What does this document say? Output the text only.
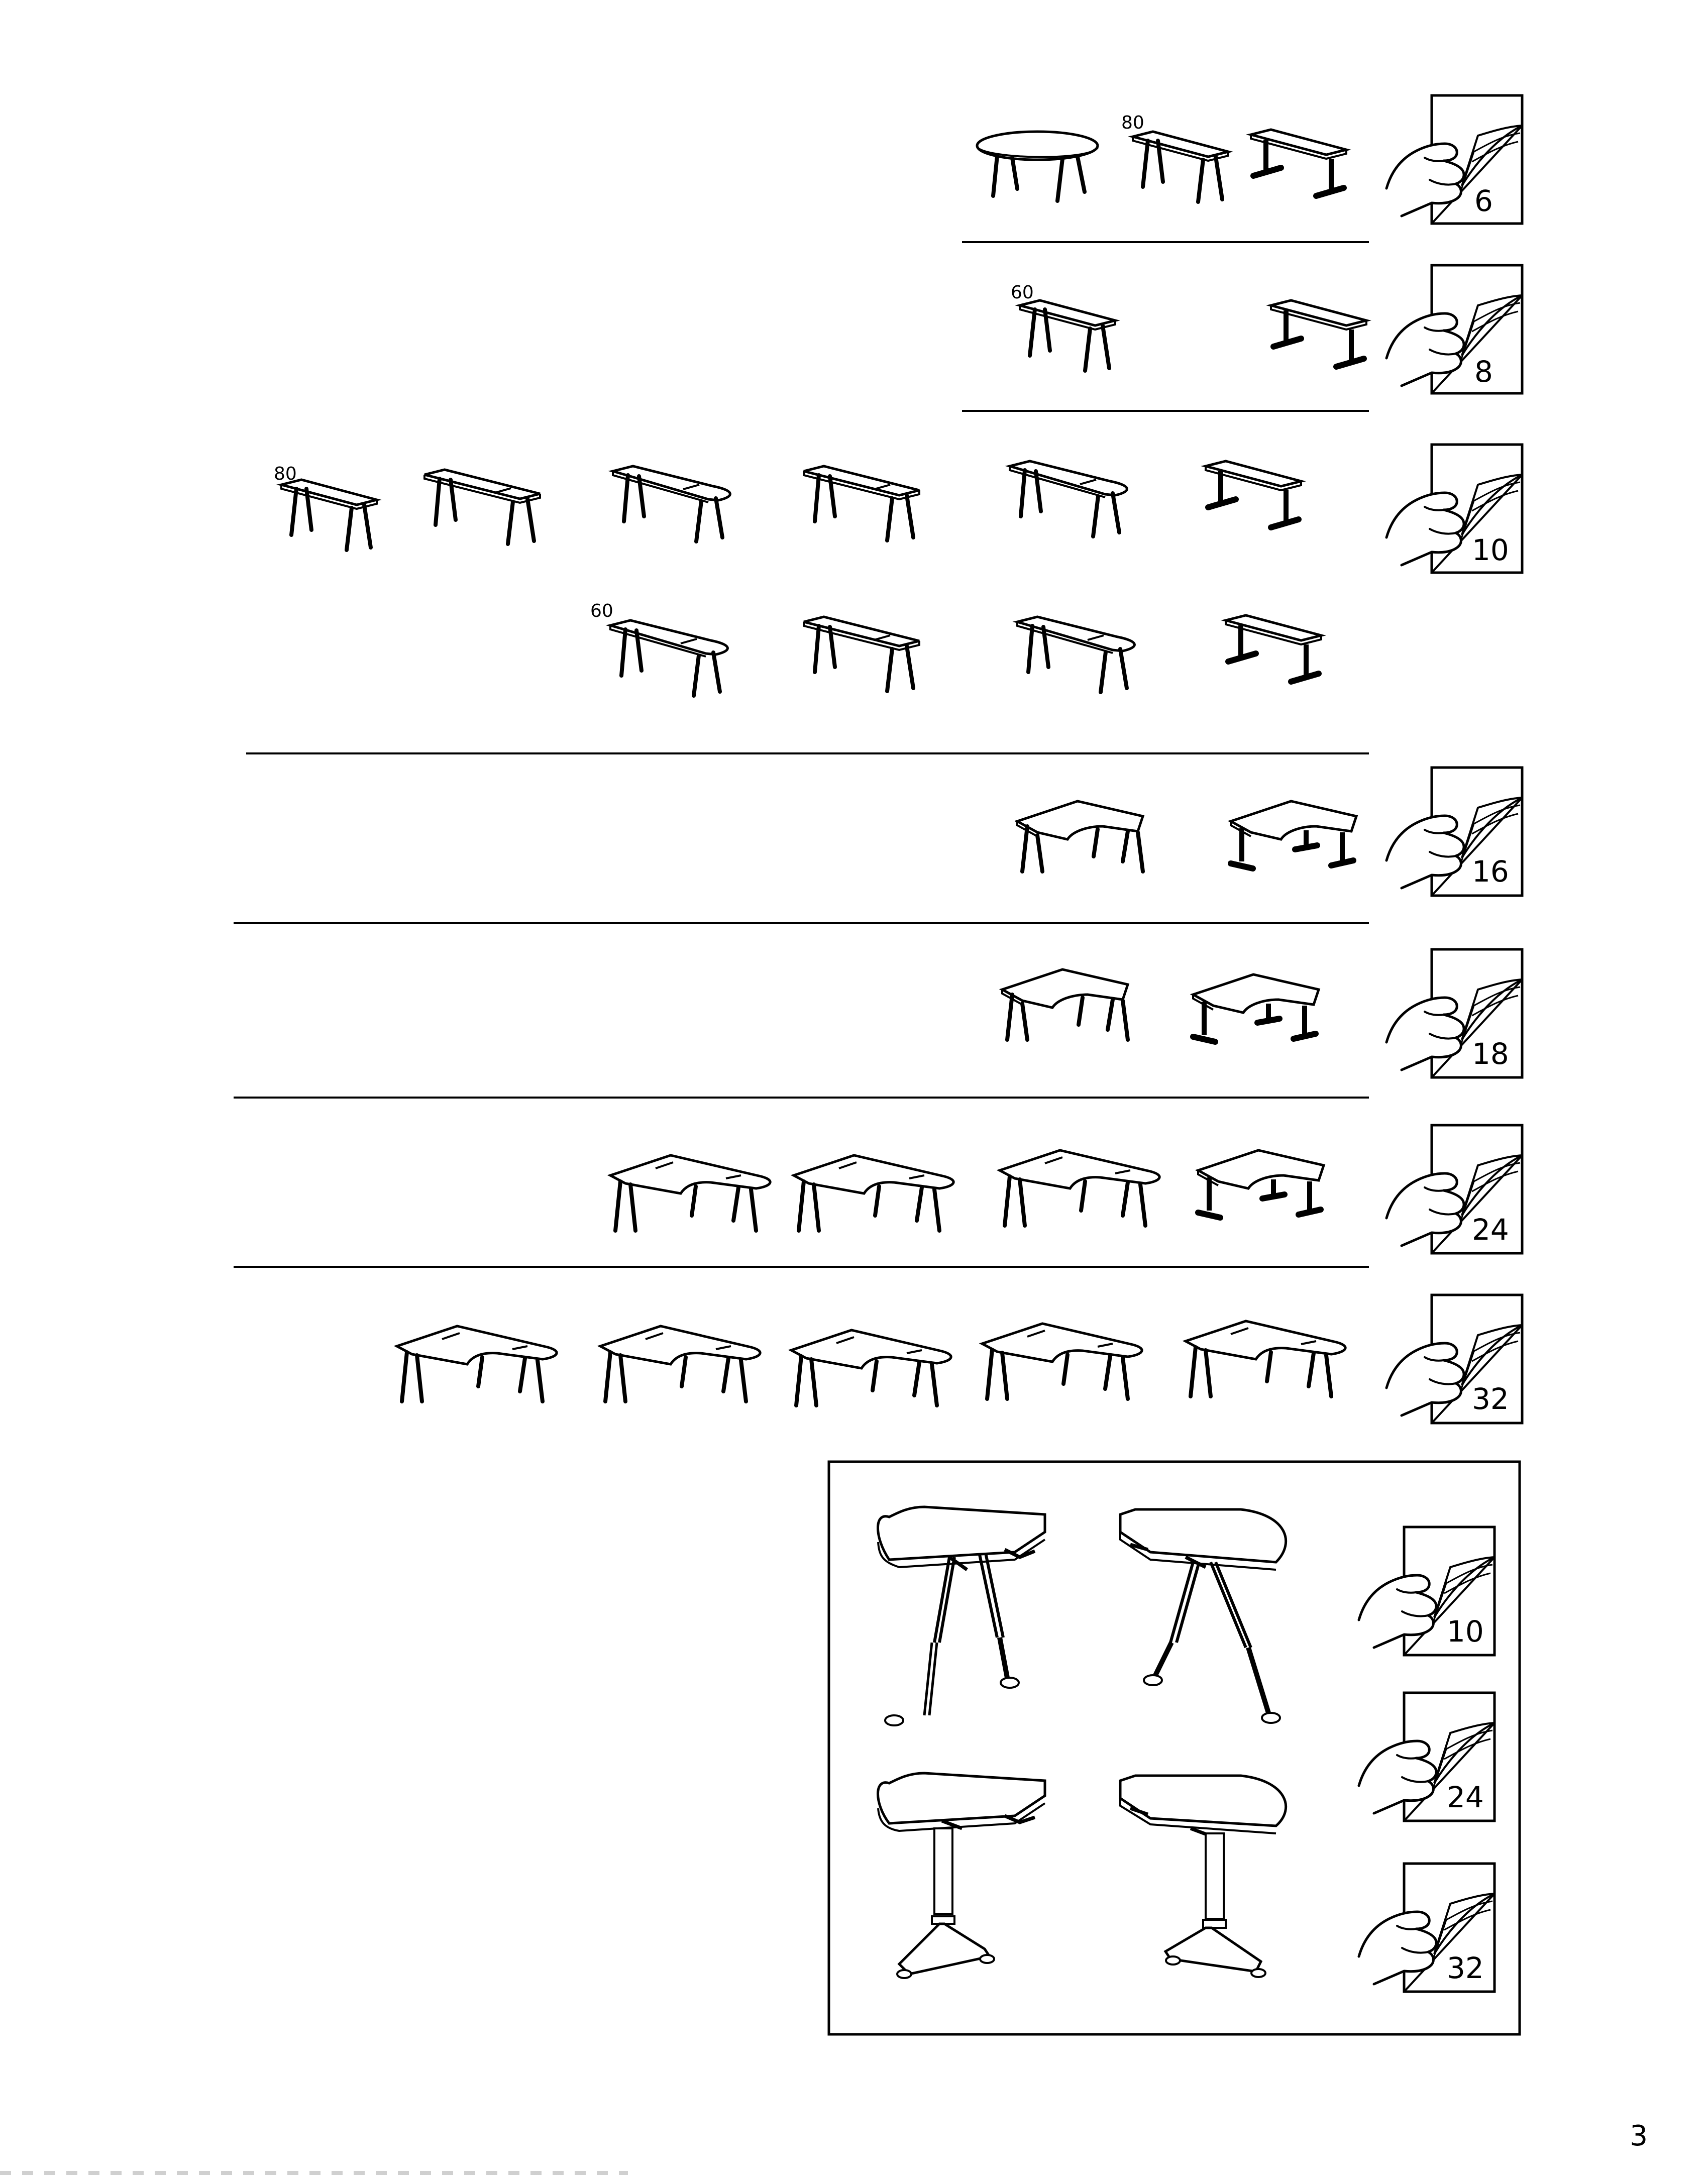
80
6
60
8
80
60
10
16
18
24
32
10
24
32
3
